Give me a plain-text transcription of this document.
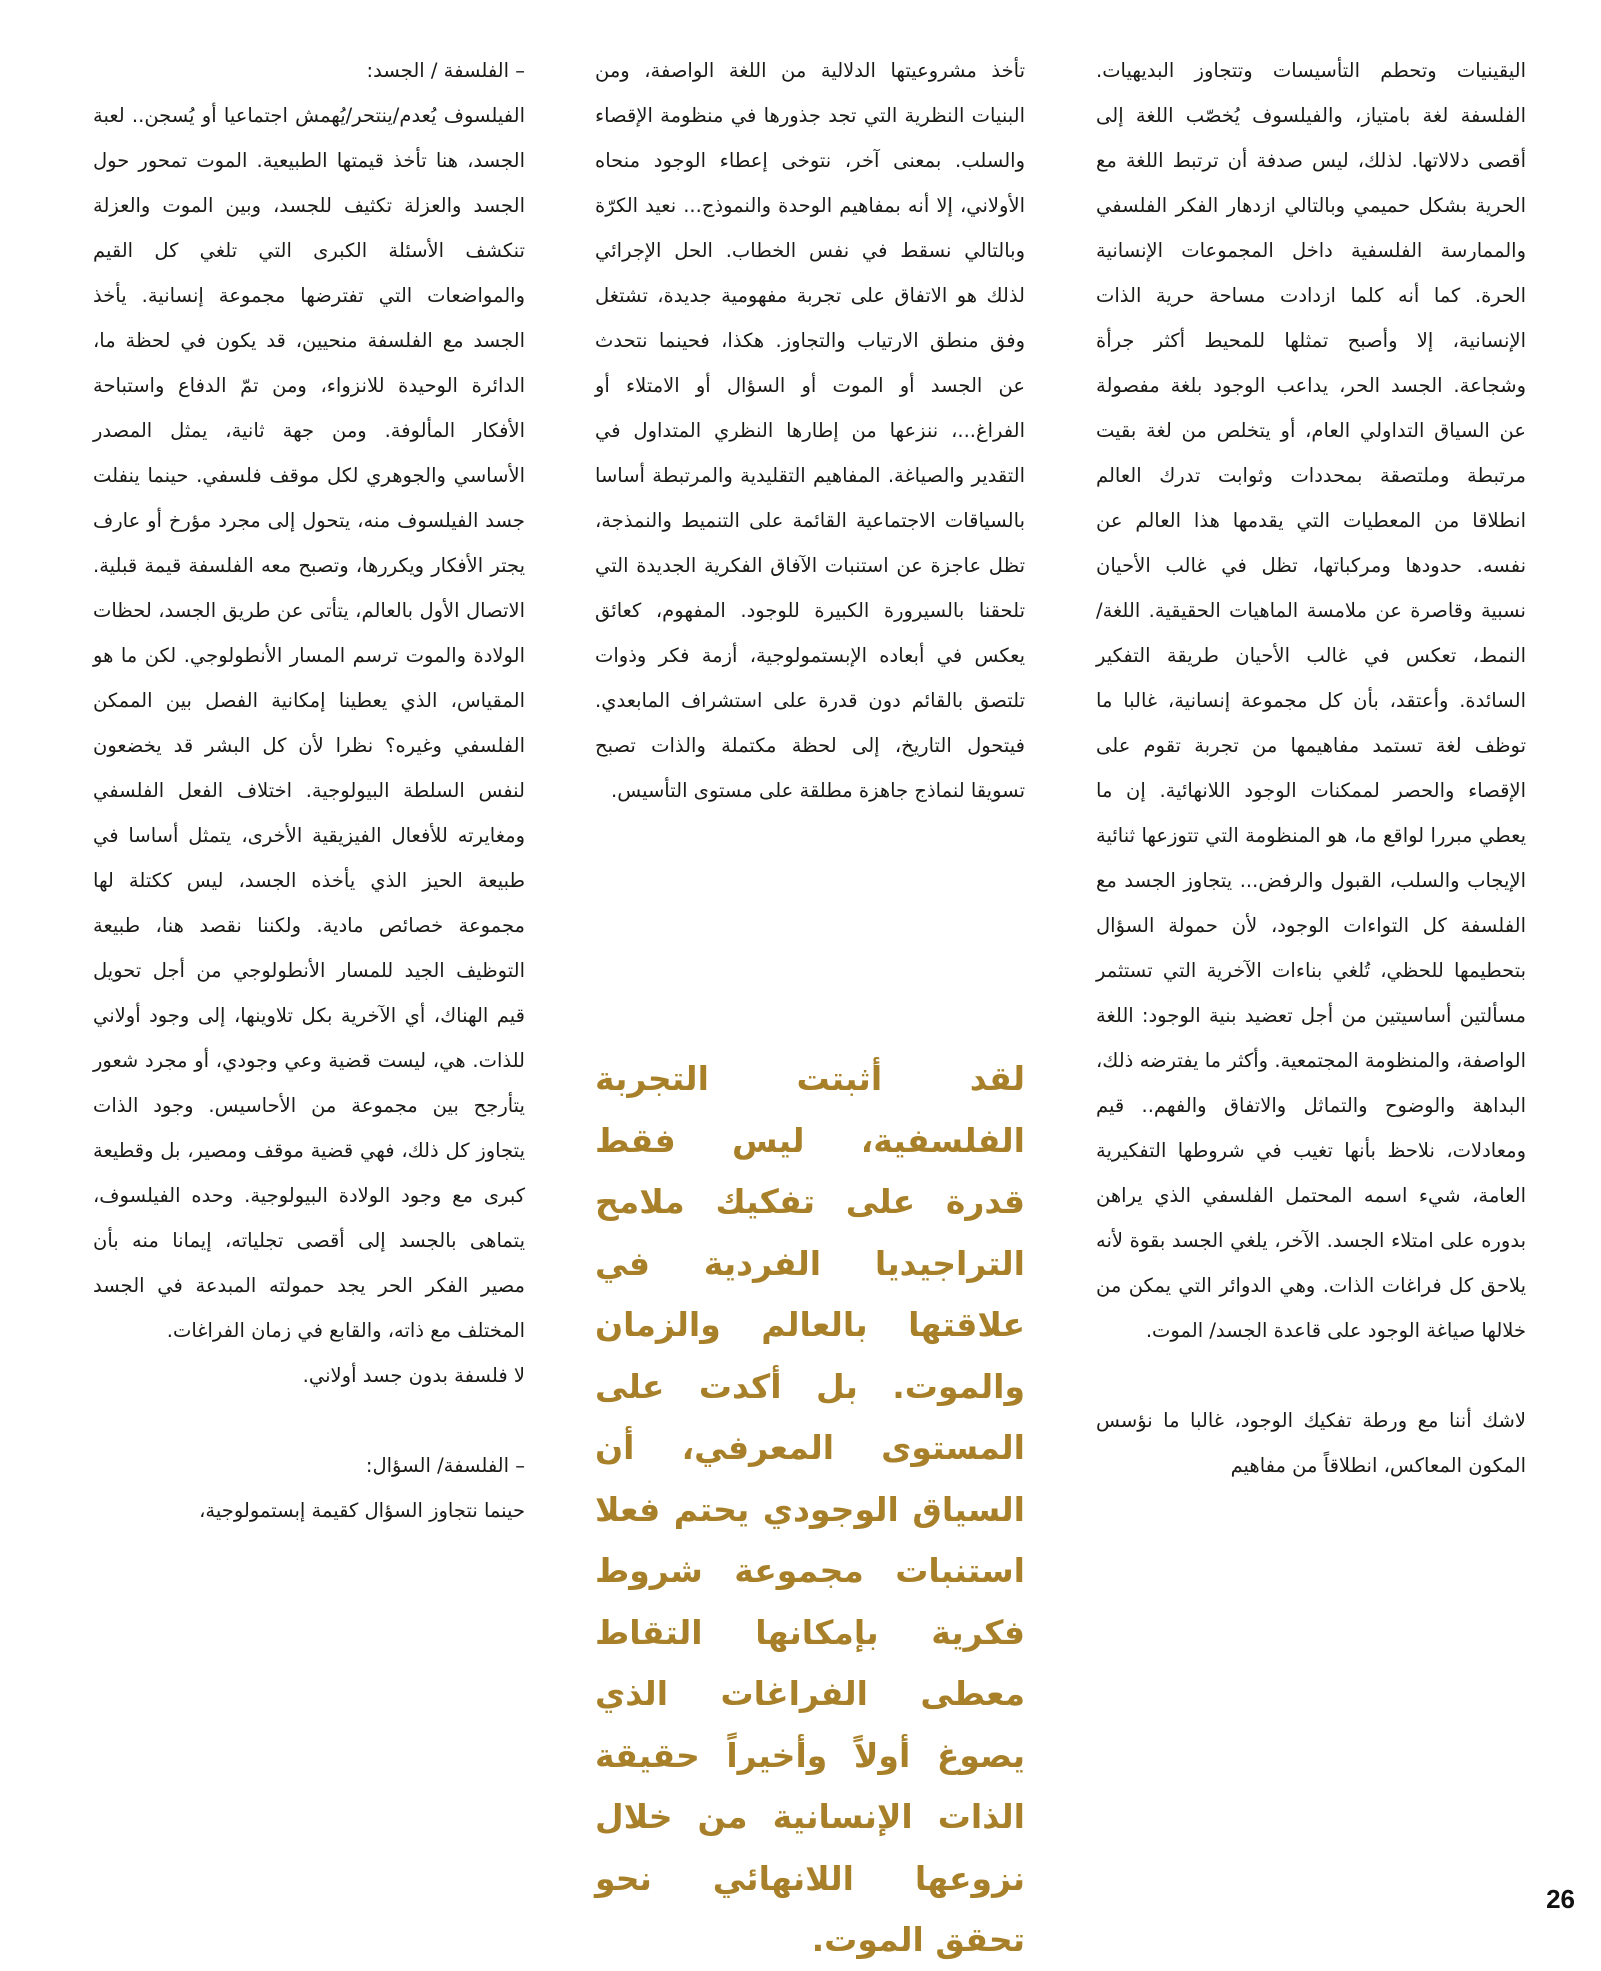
اليقينيات وتحطم التأسيسات وتتجاوز البديهيات. الفلسفة لغة بامتياز، والفيلسوف يُخصّب اللغة إلى أقصى دلالاتها. لذلك، ليس صدفة أن ترتبط اللغة مع الحرية بشكل حميمي وبالتالي ازدهار الفكر الفلسفي والممارسة الفلسفية داخل المجموعات الإنسانية الحرة. كما أنه كلما ازدادت مساحة حرية الذات الإنسانية، إلا وأصبح تمثلها للمحيط أكثر جرأة وشجاعة. الجسد الحر، يداعب الوجود بلغة مفصولة عن السياق التداولي العام، أو يتخلص من لغة بقيت مرتبطة وملتصقة بمحددات وثوابت تدرك العالم انطلاقا من المعطيات التي يقدمها هذا العالم عن نفسه. حدودها ومركباتها، تظل في غالب الأحيان نسبية وقاصرة عن ملامسة الماهيات الحقيقية. اللغة/النمط، تعكس في غالب الأحيان طريقة التفكير السائدة. وأعتقد، بأن كل مجموعة إنسانية، غالبا ما توظف لغة تستمد مفاهيمها من تجربة تقوم على الإقصاء والحصر لممكنات الوجود اللانهائية. إن ما يعطي مبررا لواقع ما، هو المنظومة التي تتوزعها ثنائية الإيجاب والسلب، القبول والرفض... يتجاوز الجسد مع الفلسفة كل التواءات الوجود، لأن حمولة السؤال بتحطيمها للحظي، تُلغي بناءات الآخرية التي تستثمر مسألتين أساسيتين من أجل تعضيد بنية الوجود: اللغة الواصفة، والمنظومة المجتمعية. وأكثر ما يفترضه ذلك، البداهة والوضوح والتماثل والاتفاق والفهم.. قيم ومعادلات، نلاحظ بأنها تغيب في شروطها التفكيرية العامة، شيء اسمه المحتمل الفلسفي الذي يراهن بدوره على امتلاء الجسد. الآخر، يلغي الجسد بقوة لأنه يلاحق كل فراغات الذات. وهي الدوائر التي يمكن من خلالها صياغة الوجود على قاعدة الجسد/ الموت.

لاشك أننا مع ورطة تفكيك الوجود، غالبا ما نؤسس المكون المعاكس، انطلاقاً من مفاهيم

تأخذ مشروعيتها الدلالية من اللغة الواصفة، ومن البنيات النظرية التي تجد جذورها في منظومة الإقصاء والسلب. بمعنى آخر، نتوخى إعطاء الوجود منحاه الأولاني، إلا أنه بمفاهيم الوحدة والنموذج... نعيد الكرّة وبالتالي نسقط في نفس الخطاب. الحل الإجرائي لذلك هو الاتفاق على تجربة مفهومية جديدة، تشتغل وفق منطق الارتياب والتجاوز. هكذا، فحينما نتحدث عن الجسد أو الموت أو السؤال أو الامتلاء أو الفراغ...، ننزعها من إطارها النظري المتداول في التقدير والصياغة. المفاهيم التقليدية والمرتبطة أساسا بالسياقات الاجتماعية القائمة على التنميط والنمذجة، تظل عاجزة عن استنبات الآفاق الفكرية الجديدة التي تلحقنا بالسيرورة الكبيرة للوجود. المفهوم، كعائق يعكس في أبعاده الإبستمولوجية، أزمة فكر وذوات تلتصق بالقائم دون قدرة على استشراف المابعدي. فيتحول التاريخ، إلى لحظة مكتملة والذات تصبح تسويقا لنماذج جاهزة مطلقة على مستوى التأسيس.

لقد أثبتت التجربة الفلسفية، ليس فقط قدرة على تفكيك ملامح التراجيديا الفردية في علاقتها بالعالم والزمان والموت. بل أكدت على المستوى المعرفي، أن السياق الوجودي يحتم فعلا استنبات مجموعة شروط فكرية بإمكانها التقاط معطى الفراغات الذي يصوغ أولاً وأخيراً حقيقة الذات الإنسانية من خلال نزوعها اللانهائي نحو تحقق الموت.

– الفلسفة / الجسد:

الفيلسوف يُعدم/ينتحر/يُهمش اجتماعيا أو يُسجن.. لعبة الجسد، هنا تأخذ قيمتها الطبيعية. الموت تمحور حول الجسد والعزلة تكثيف للجسد، وبين الموت والعزلة تنكشف الأسئلة الكبرى التي تلغي كل القيم والمواضعات التي تفترضها مجموعة إنسانية. يأخذ الجسد مع الفلسفة منحيين، قد يكون في لحظة ما، الدائرة الوحيدة للانزواء، ومن تمّ الدفاع واستباحة الأفكار المألوفة. ومن جهة ثانية، يمثل المصدر الأساسي والجوهري لكل موقف فلسفي. حينما ينفلت جسد الفيلسوف منه، يتحول إلى مجرد مؤرخ أو عارف يجتر الأفكار ويكررها، وتصبح معه الفلسفة قيمة قبلية. الاتصال الأول بالعالم، يتأتى عن طريق الجسد، لحظات الولادة والموت ترسم المسار الأنطولوجي. لكن ما هو المقياس، الذي يعطينا إمكانية الفصل بين الممكن الفلسفي وغيره؟ نظرا لأن كل البشر قد يخضعون لنفس السلطة البيولوجية. اختلاف الفعل الفلسفي ومغايرته للأفعال الفيزيقية الأخرى، يتمثل أساسا في طبيعة الحيز الذي يأخذه الجسد، ليس ككتلة لها مجموعة خصائص مادية. ولكننا نقصد هنا، طبيعة التوظيف الجيد للمسار الأنطولوجي من أجل تحويل قيم الهناك، أي الآخرية بكل تلاوينها، إلى وجود أولاني للذات. هي، ليست قضية وعي وجودي، أو مجرد شعور يتأرجح بين مجموعة من الأحاسيس. وجود الذات يتجاوز كل ذلك، فهي قضية موقف ومصير، بل وقطيعة كبرى مع وجود الولادة البيولوجية. وحده الفيلسوف، يتماهى بالجسد إلى أقصى تجلياته، إيمانا منه بأن مصير الفكر الحر يجد حمولته المبدعة في الجسد المختلف مع ذاته، والقابع في زمان الفراغات.

لا فلسفة بدون جسد أولاني.

– الفلسفة/ السؤال:

حينما نتجاوز السؤال كقيمة إبستمولوجية،

26
